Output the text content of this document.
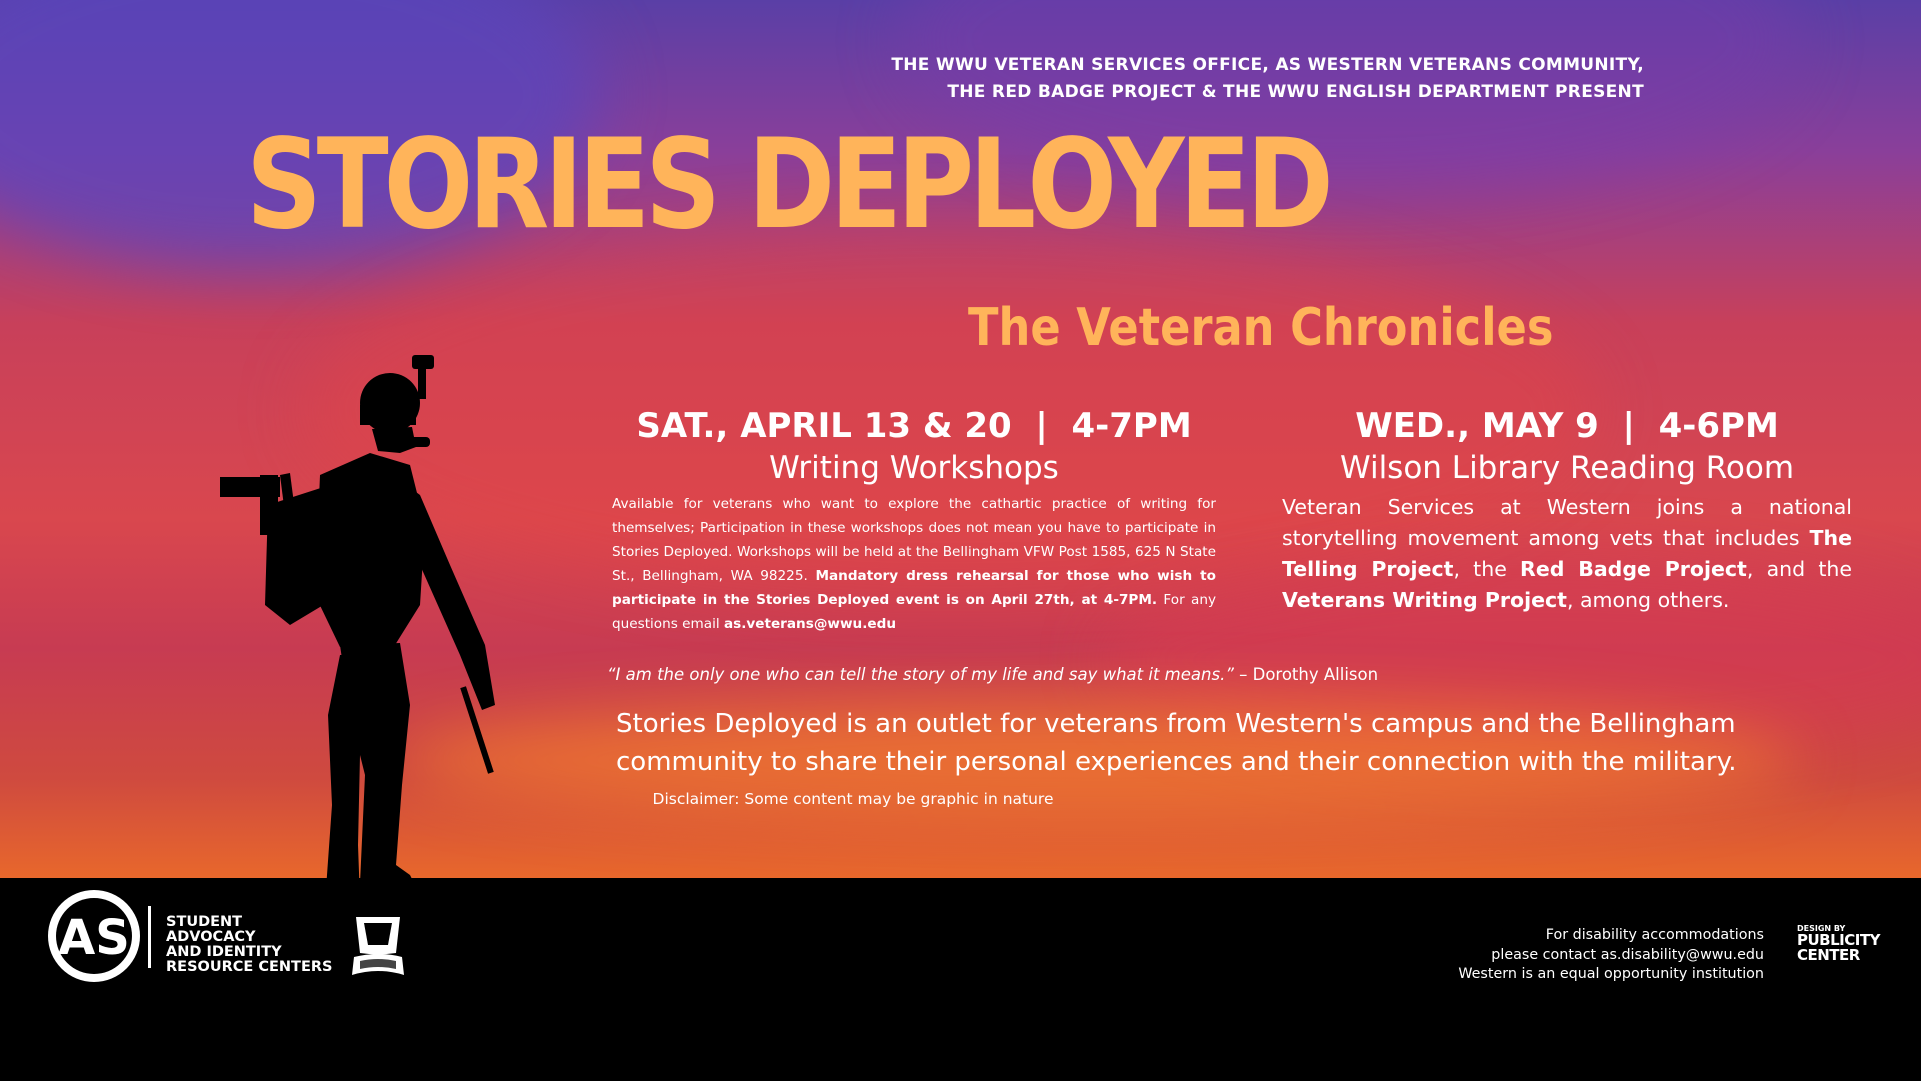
THE WWU VETERAN SERVICES OFFICE, AS WESTERN VETERANS COMMUNITY,
THE RED BADGE PROJECT & THE WWU ENGLISH DEPARTMENT PRESENT
STORIES DEPLOYED
The Veteran Chronicles
SAT., APRIL 13 & 20  |  4-7PM
Writing Workshops
Available for veterans who want to explore the cathartic practice of writing for themselves; Participation in these workshops does not mean you have to participate in Stories Deployed. Workshops will be held at the Bellingham VFW Post 1585, 625 N State St., Bellingham, WA 98225. Mandatory dress rehearsal for those who wish to participate in the Stories Deployed event is on April 27th, at 4-7PM. For any questions email as.veterans@wwu.edu
WED., MAY 9  |  4-6PM
Wilson Library Reading Room
Veteran Services at Western joins a national storytelling movement among vets that includes The Telling Project, the Red Badge Project, and the Veterans Writing Project, among others.
“I am the only one who can tell the story of my life and say what it means.” – Dorothy Allison
Stories Deployed is an outlet for veterans from Western's campus and the Bellingham community to share their personal experiences and their connection with the military.
Disclaimer: Some content may be graphic in nature
AS STUDENT
ADVOCACY
AND IDENTITY
RESOURCE CENTERS
For disability accommodations
please contact as.disability@wwu.edu
Western is an equal opportunity institution
DESIGN BY
PUBLICITY
CENTER
